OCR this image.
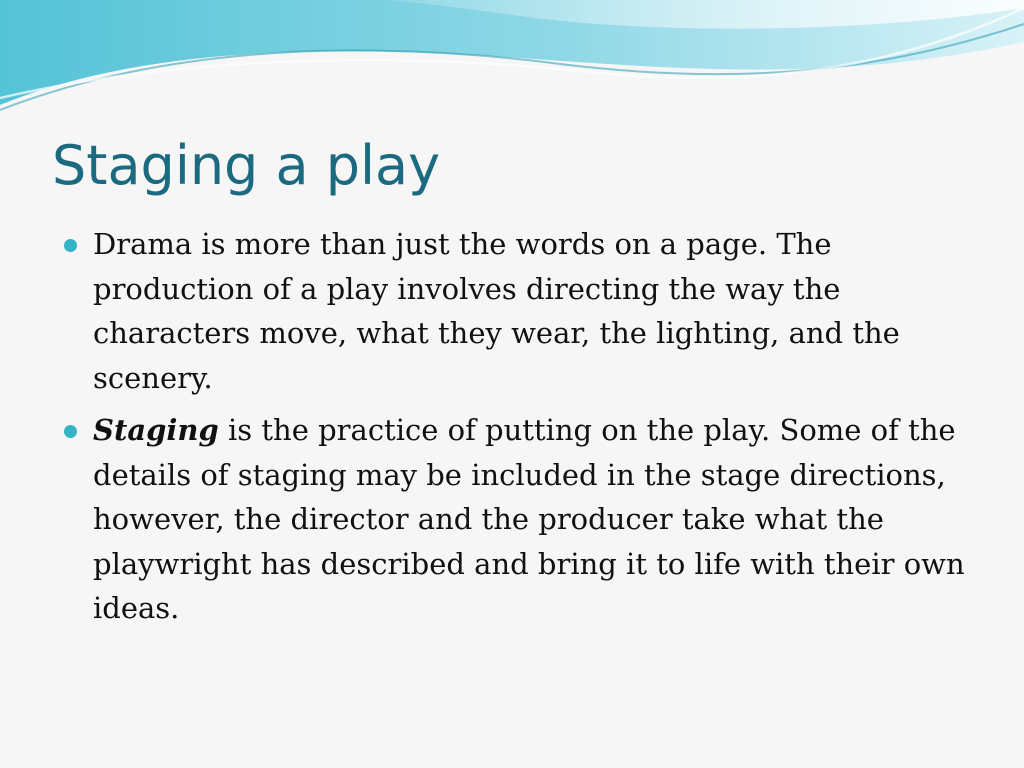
Staging a play
Drama is more than just the words on a page. The production of a play involves directing the way the characters move, what they wear, the lighting, and the scenery.
Staging is the practice of putting on the play. Some of the details of staging may be included in the stage directions, however, the director and the producer take what the playwright has described and bring it to life with their own ideas.
